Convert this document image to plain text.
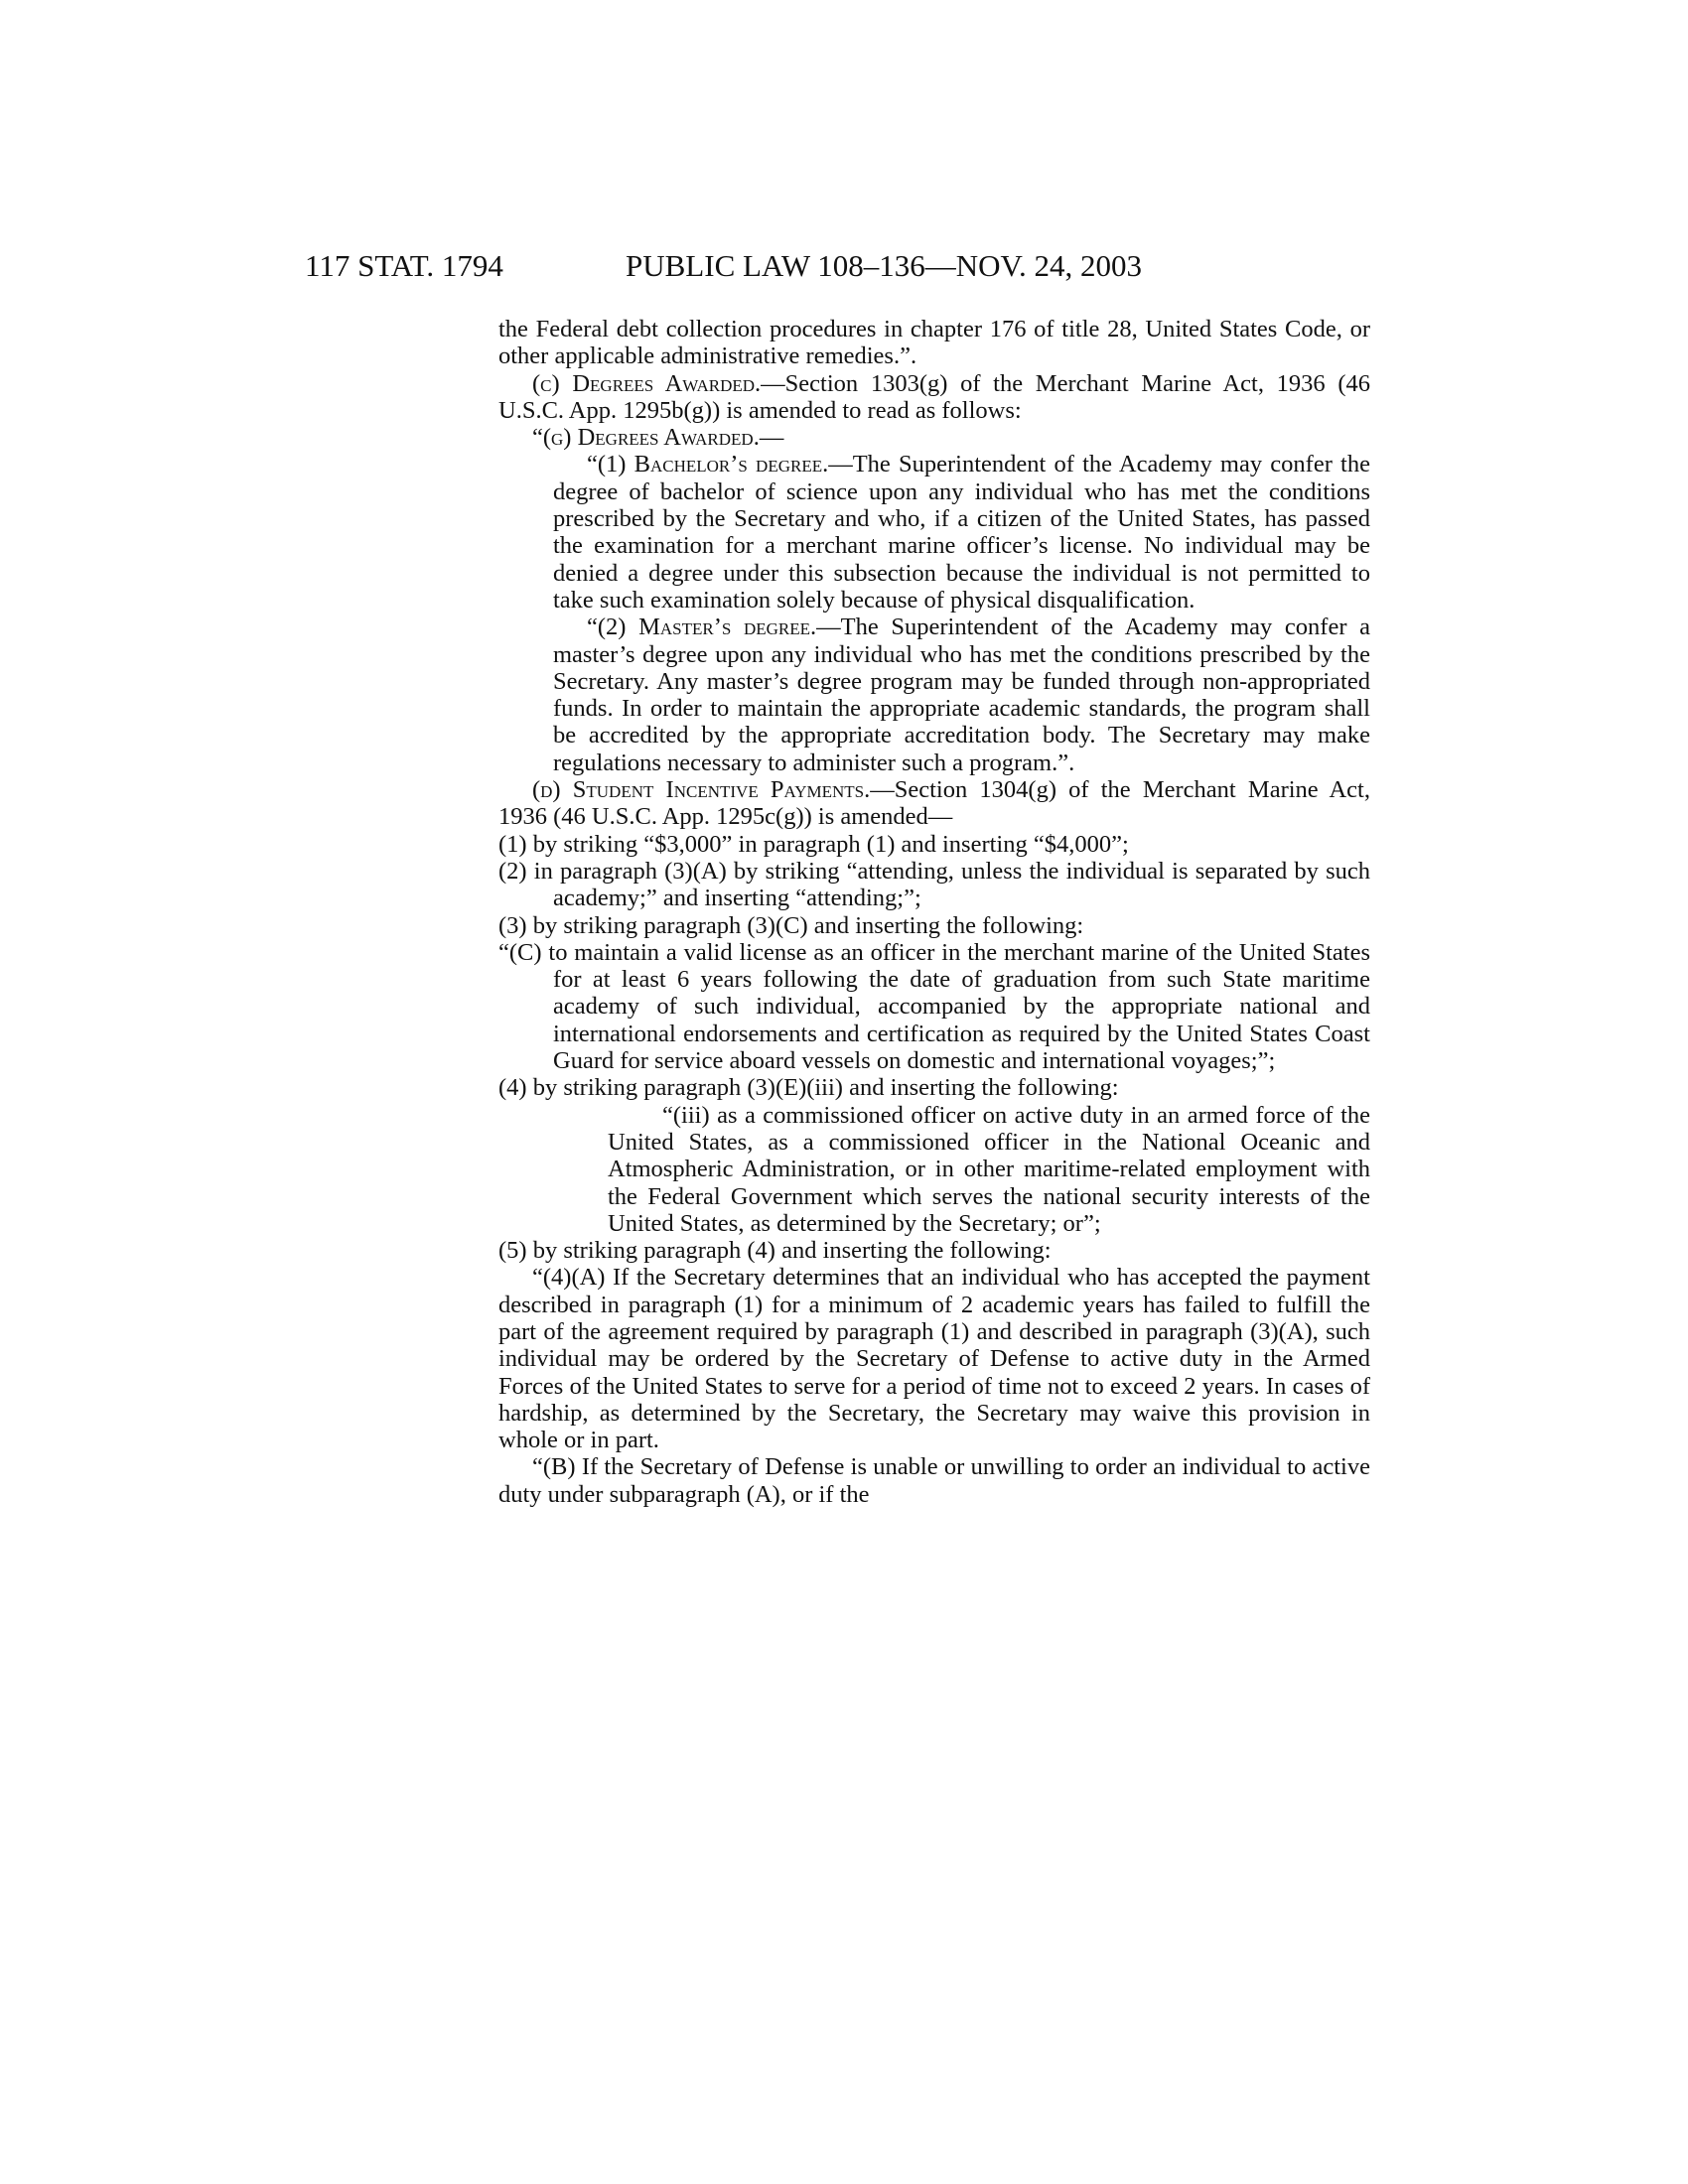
117 STAT. 1794	PUBLIC LAW 108–136—NOV. 24, 2003

the Federal debt collection procedures in chapter 176 of title 28, United States Code, or other applicable administrative remedies.”.

(c) Degrees Awarded.—Section 1303(g) of the Merchant Marine Act, 1936 (46 U.S.C. App. 1295b(g)) is amended to read as follows:

“(g) Degrees Awarded.—

“(1) Bachelor’s degree.—The Superintendent of the Academy may confer the degree of bachelor of science upon any individual who has met the conditions prescribed by the Secretary and who, if a citizen of the United States, has passed the examination for a merchant marine officer’s license. No individual may be denied a degree under this subsection because the individual is not permitted to take such examination solely because of physical disqualification.

“(2) Master’s degree.—The Superintendent of the Academy may confer a master’s degree upon any individual who has met the conditions prescribed by the Secretary. Any master’s degree program may be funded through non-appropriated funds. In order to maintain the appropriate academic standards, the program shall be accredited by the appropriate accreditation body. The Secretary may make regulations necessary to administer such a program.”.

(d) Student Incentive Payments.—Section 1304(g) of the Merchant Marine Act, 1936 (46 U.S.C. App. 1295c(g)) is amended—

(1) by striking “$3,000” in paragraph (1) and inserting “$4,000”;

(2) in paragraph (3)(A) by striking “attending, unless the individual is separated by such academy;” and inserting “attending;”;

(3) by striking paragraph (3)(C) and inserting the following:

“(C) to maintain a valid license as an officer in the merchant marine of the United States for at least 6 years following the date of graduation from such State maritime academy of such individual, accompanied by the appropriate national and international endorsements and certification as required by the United States Coast Guard for service aboard vessels on domestic and international voyages;”;

(4) by striking paragraph (3)(E)(iii) and inserting the following:

“(iii) as a commissioned officer on active duty in an armed force of the United States, as a commissioned officer in the National Oceanic and Atmospheric Administration, or in other maritime-related employment with the Federal Government which serves the national security interests of the United States, as determined by the Secretary; or”;

(5) by striking paragraph (4) and inserting the following:

“(4)(A) If the Secretary determines that an individual who has accepted the payment described in paragraph (1) for a minimum of 2 academic years has failed to fulfill the part of the agreement required by paragraph (1) and described in paragraph (3)(A), such individual may be ordered by the Secretary of Defense to active duty in the Armed Forces of the United States to serve for a period of time not to exceed 2 years. In cases of hardship, as determined by the Secretary, the Secretary may waive this provision in whole or in part.

“(B) If the Secretary of Defense is unable or unwilling to order an individual to active duty under subparagraph (A), or if the
